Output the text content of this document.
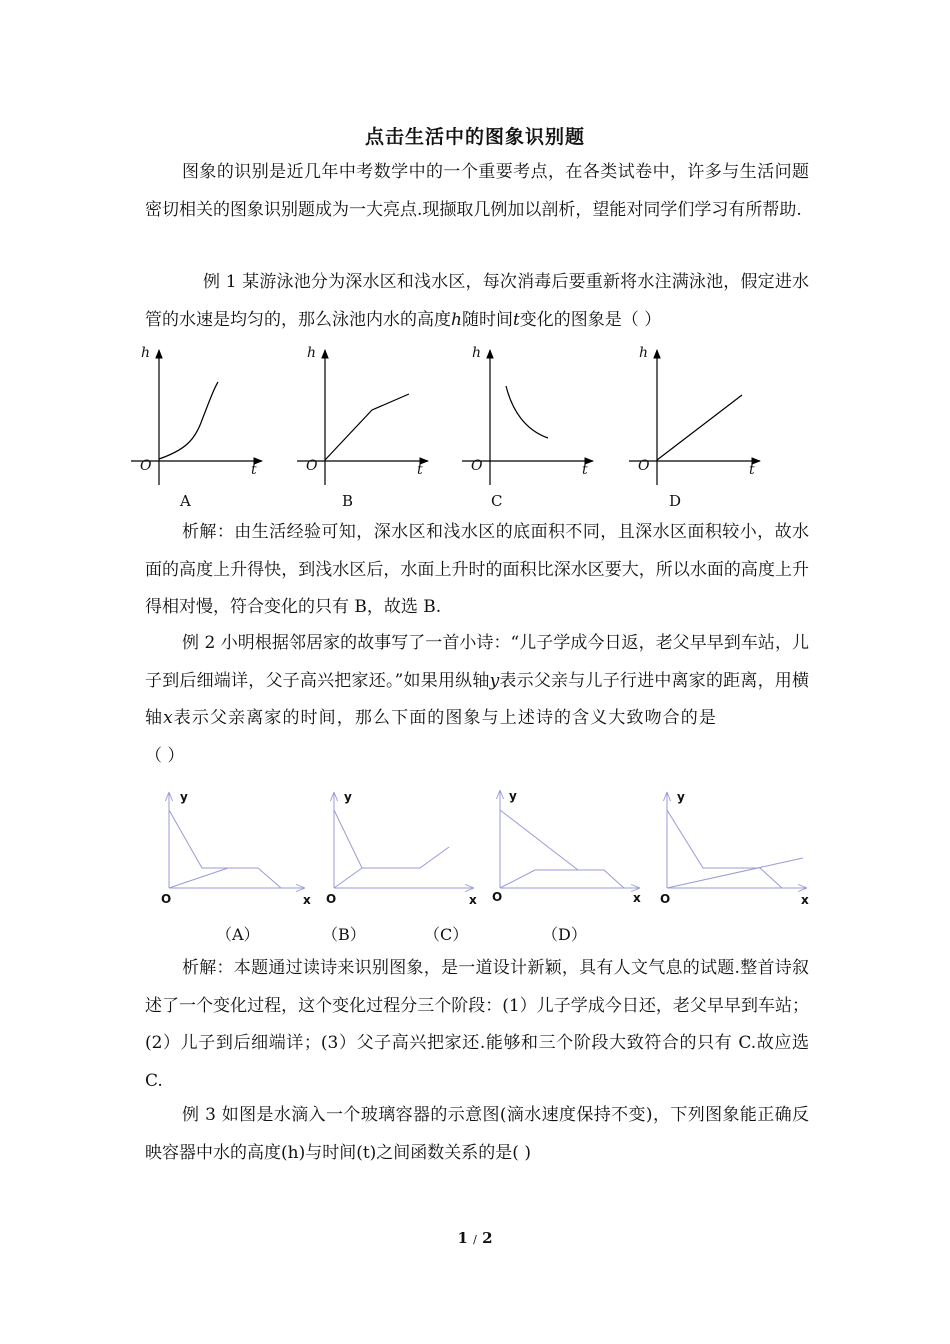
点击生活中的图象识别题

图象的识别是近几年中考数学中的一个重要考点，在各类试卷中，许多与生活问题密切相关的图象识别题成为一大亮点.现撷取几例加以剖析，望能对同学们学习有所帮助.

例 1 某游泳池分为深水区和浅水区，每次消毒后要重新将水注满泳池，假定进水管的水速是均匀的，那么泳池内水的高度h随时间t变化的图象是（ ）

h
t
O
A
h
t
O
B
h
t
O
C
h
t
O
D

析解：由生活经验可知，深水区和浅水区的底面积不同，且深水区面积较小，故水面的高度上升得快，到浅水区后，水面上升时的面积比深水区要大，所以水面的高度上升得相对慢，符合变化的只有 B，故选 B.

例 2 小明根据邻居家的故事写了一首小诗：“儿子学成今日返，老父早早到车站，儿子到后细端详，父子高兴把家还。”如果用纵轴y表示父亲与儿子行进中离家的距离，用横轴x表示父亲离家的时间，那么下面的图象与上述诗的含义大致吻合的是（ ）

y
O	x
y
O	x
y
O	x
y
O	x
（A）	（B）	（C）	（D）

析解：本题通过读诗来识别图象，是一道设计新颖，具有人文气息的试题.整首诗叙述了一个变化过程，这个变化过程分三个阶段：(1）儿子学成今日还，老父早早到车站；(2）儿子到后细端详；(3）父子高兴把家还.能够和三个阶段大致符合的只有 C.故应选 C.

例 3 如图是水滴入一个玻璃容器的示意图(滴水速度保持不变)，下列图象能正确反映容器中水的高度(h)与时间(t)之间函数关系的是( )

1 / 2
